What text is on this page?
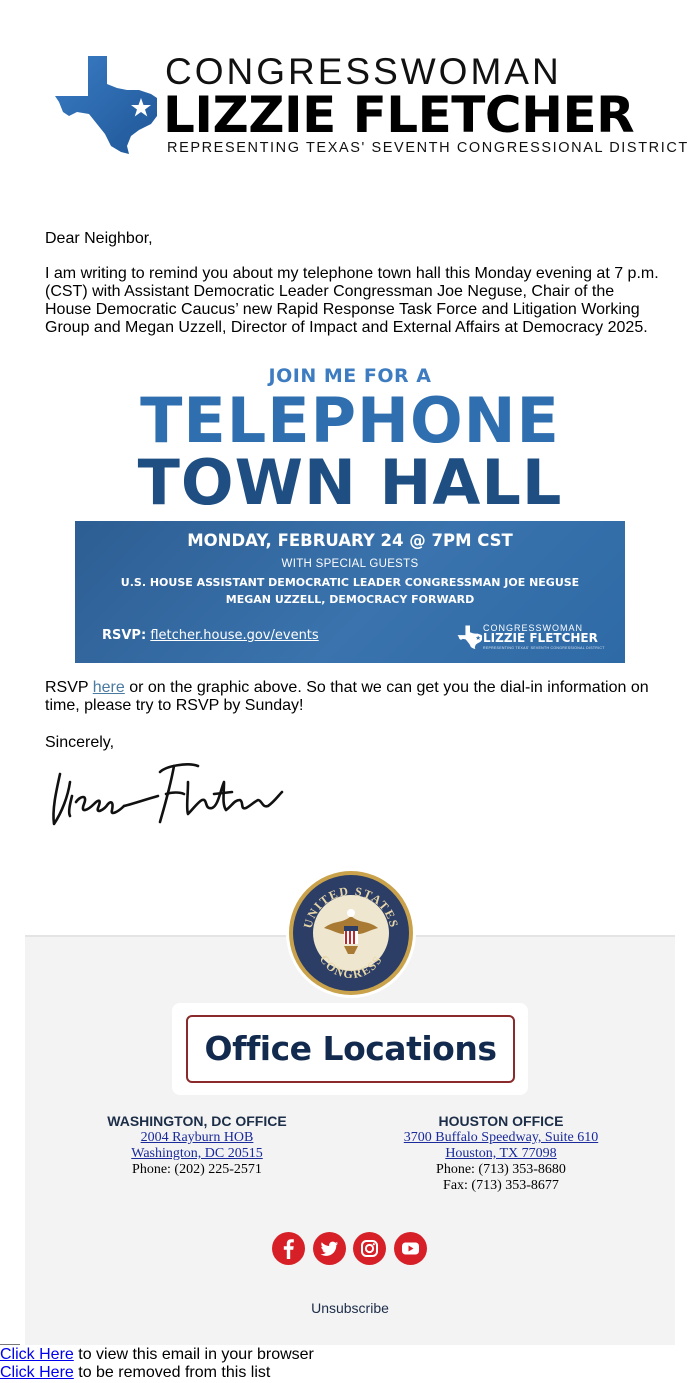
CONGRESSWOMAN
LIZZIE FLETCHER
REPRESENTING TEXAS' SEVENTH CONGRESSIONAL DISTRICT
Dear Neighbor,
I am writing to remind you about my telephone town hall this Monday evening at 7 p.m. (CST) with Assistant Democratic Leader Congressman Joe Neguse, Chair of the House Democratic Caucus’ new Rapid Response Task Force and Litigation Working Group and Megan Uzzell, Director of Impact and External Affairs at Democracy 2025.
JOIN ME FOR A
TELEPHONE
TOWN HALL
MONDAY, FEBRUARY 24 @ 7PM CST
WITH SPECIAL GUESTS
U.S. HOUSE ASSISTANT DEMOCRATIC LEADER CONGRESSMAN JOE NEGUSE
MEGAN UZZELL, DEMOCRACY FORWARD
RSVP: fletcher.house.gov/events	CONGRESSWOMAN
LIZZIE FLETCHER
REPRESENTING TEXAS' SEVENTH CONGRESSIONAL DISTRICT
RSVP here or on the graphic above. So that we can get you the dial-in information on time, please try to RSVP by Sunday!
Sincerely,
UNITED STATES
CONGRESS
Office Locations
WASHINGTON, DC OFFICE
2004 Rayburn HOB
Washington, DC 20515
Phone: (202) 225-2571
HOUSTON OFFICE
3700 Buffalo Speedway, Suite 610
Houston, TX 77098
Phone: (713) 353-8680
Fax: (713) 353-8677
Unsubscribe
Click Here to view this email in your browser
Click Here to be removed from this list
